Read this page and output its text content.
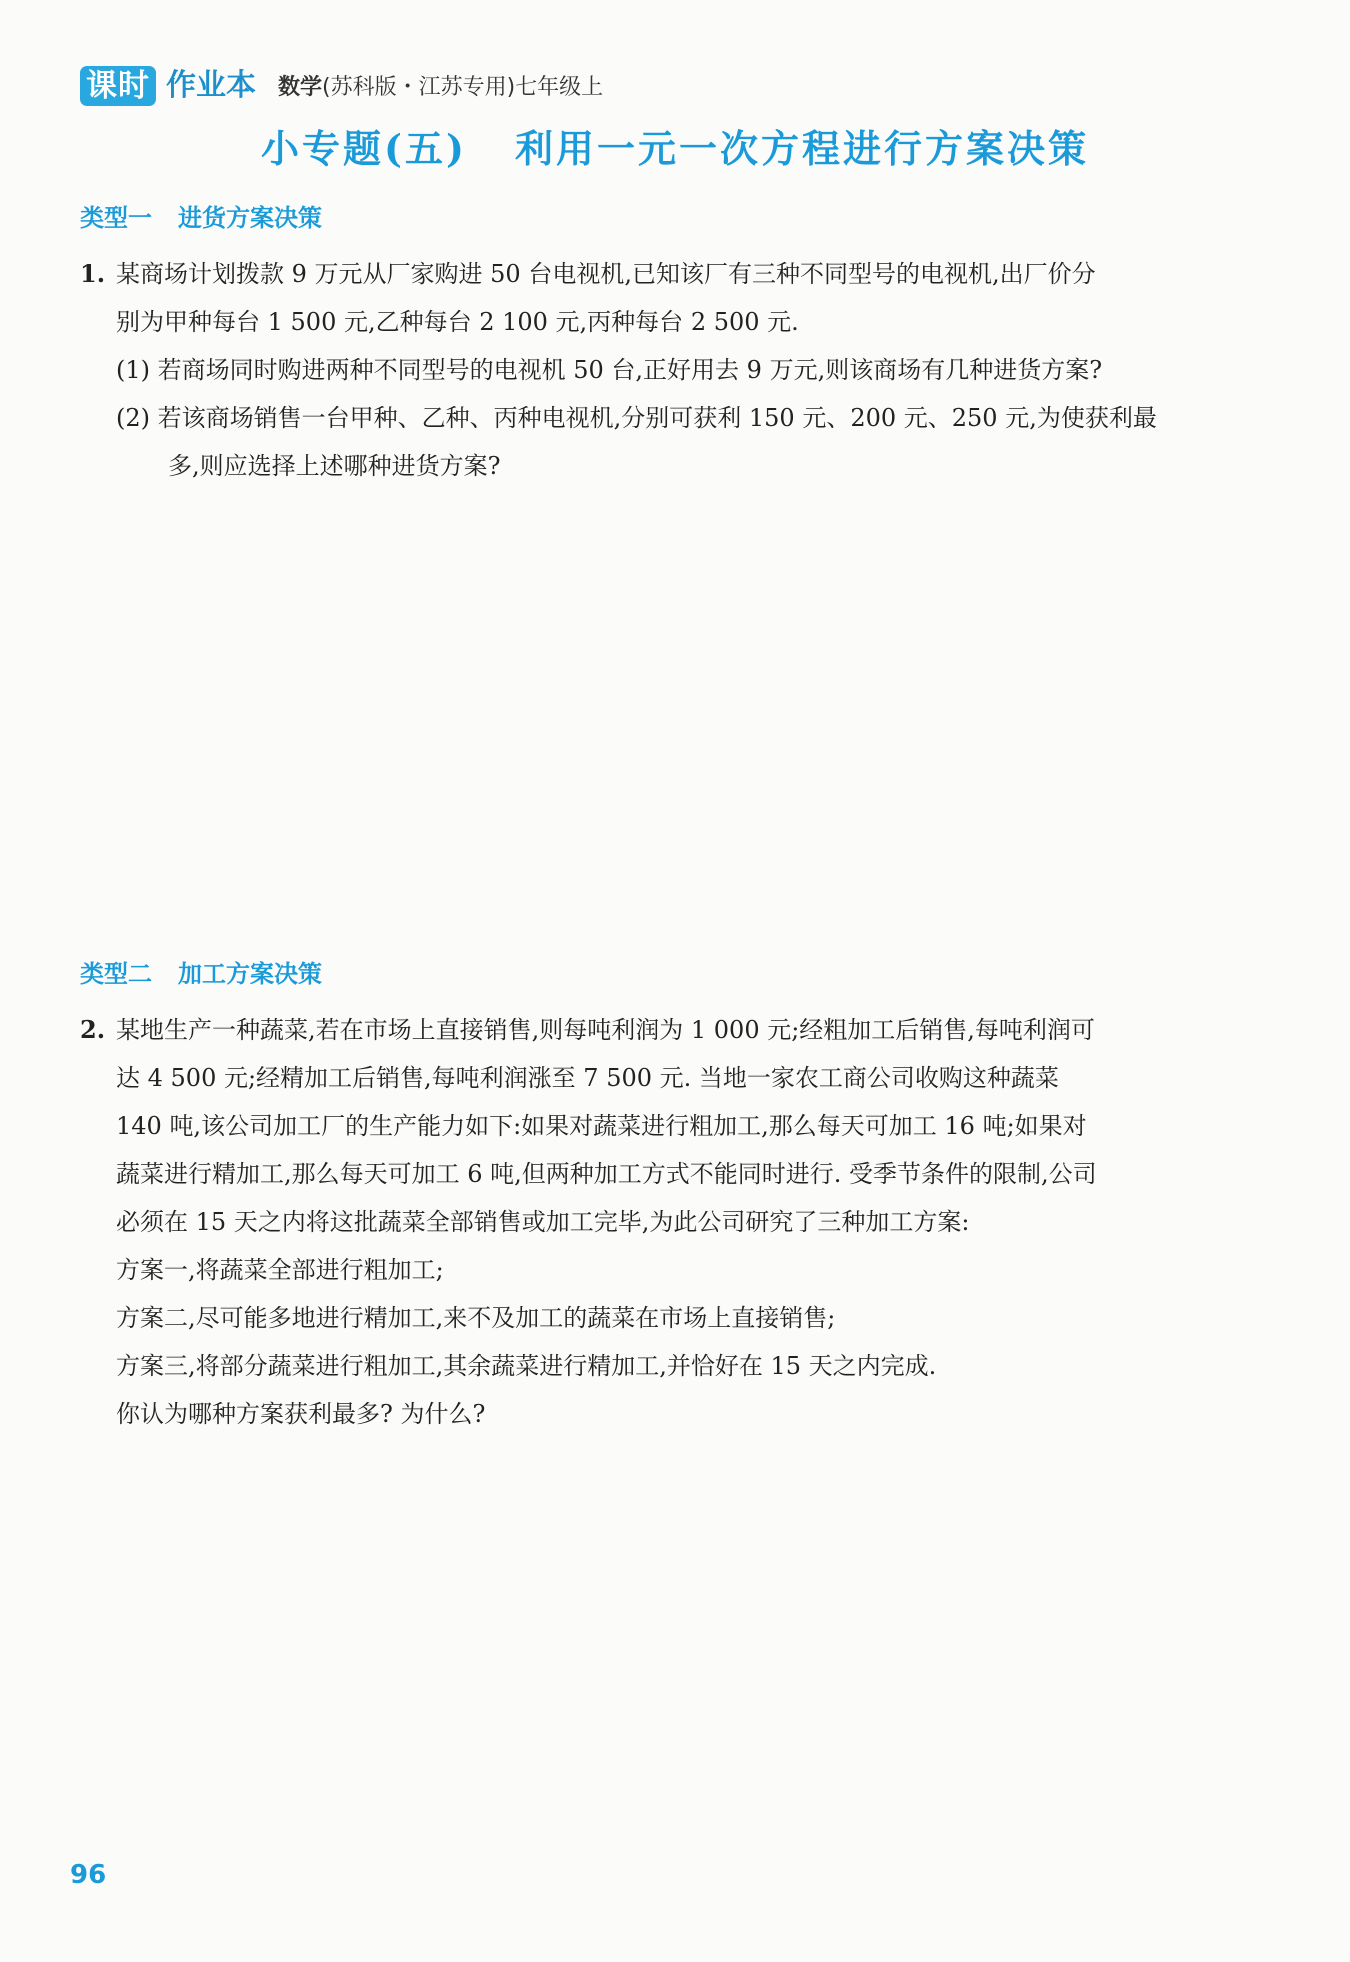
课时 作业本 数学 (苏科版・江苏专用)七年级上
小专题(五) 利用一元一次方程进行方案决策
类型一 进货方案决策
1. 某商场计划拨款 9 万元从厂家购进 50 台电视机,已知该厂有三种不同型号的电视机,出厂价分
别为甲种每台 1 500 元,乙种每台 2 100 元,丙种每台 2 500 元.
(1) 若商场同时购进两种不同型号的电视机 50 台,正好用去 9 万元,则该商场有几种进货方案?
(2) 若该商场销售一台甲种、乙种、丙种电视机,分别可获利 150 元、200 元、250 元,为使获利最
多,则应选择上述哪种进货方案?
类型二 加工方案决策
2. 某地生产一种蔬菜,若在市场上直接销售,则每吨利润为 1 000 元;经粗加工后销售,每吨利润可
达 4 500 元;经精加工后销售,每吨利润涨至 7 500 元. 当地一家农工商公司收购这种蔬菜
140 吨,该公司加工厂的生产能力如下:如果对蔬菜进行粗加工,那么每天可加工 16 吨;如果对
蔬菜进行精加工,那么每天可加工 6 吨,但两种加工方式不能同时进行. 受季节条件的限制,公司
必须在 15 天之内将这批蔬菜全部销售或加工完毕,为此公司研究了三种加工方案:
方案一,将蔬菜全部进行粗加工;
方案二,尽可能多地进行精加工,来不及加工的蔬菜在市场上直接销售;
方案三,将部分蔬菜进行粗加工,其余蔬菜进行精加工,并恰好在 15 天之内完成.
你认为哪种方案获利最多? 为什么?
96
